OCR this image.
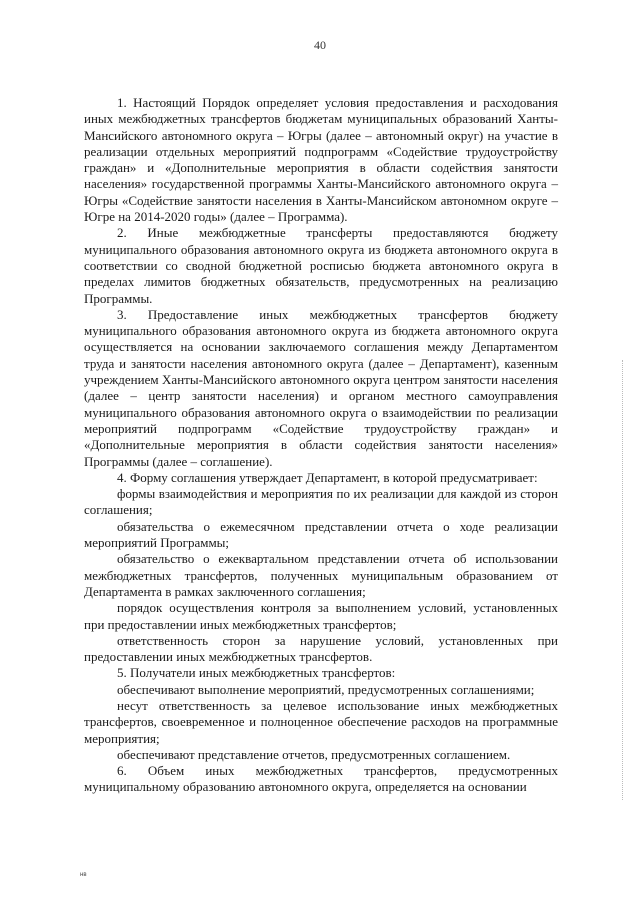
40

1. Настоящий Порядок определяет условия предоставления и расходования иных межбюджетных трансфертов бюджетам муниципальных образований Ханты-Мансийского автономного округа – Югры (далее – автономный округ) на участие в реализации отдельных мероприятий подпрограмм «Содействие трудоустройству граждан» и «Дополнительные мероприятия в области содействия занятости населения» государственной программы Ханты-Мансийского автономного округа – Югры «Содействие занятости населения в Ханты-Мансийском автономном округе – Югре на 2014-2020 годы» (далее – Программа).

2. Иные межбюджетные трансферты предоставляются бюджету муниципального образования автономного округа из бюджета автономного округа в соответствии со сводной бюджетной росписью бюджета автономного округа в пределах лимитов бюджетных обязательств, предусмотренных на реализацию Программы.

3. Предоставление иных межбюджетных трансфертов бюджету муниципального образования автономного округа из бюджета автономного округа осуществляется на основании заключаемого соглашения между Департаментом труда и занятости населения автономного округа (далее – Департамент), казенным учреждением Ханты-Мансийского автономного округа центром занятости населения (далее – центр занятости населения) и органом местного самоуправления муниципального образования автономного округа о взаимодействии по реализации мероприятий подпрограмм «Содействие трудоустройству граждан» и «Дополнительные мероприятия в области содействия занятости населения» Программы (далее – соглашение).

4. Форму соглашения утверждает Департамент, в которой предусматривает:

формы взаимодействия и мероприятия по их реализации для каждой из сторон соглашения;

обязательства о ежемесячном представлении отчета о ходе реализации мероприятий Программы;

обязательство о ежеквартальном представлении отчета об использовании межбюджетных трансфертов, полученных муниципальным образованием от Департамента в рамках заключенного соглашения;

порядок осуществления контроля за выполнением условий, установленных при предоставлении иных межбюджетных трансфертов;

ответственность сторон за нарушение условий, установленных при предоставлении иных межбюджетных трансфертов.

5. Получатели иных межбюджетных трансфертов:

обеспечивают выполнение мероприятий, предусмотренных соглашениями;

несут ответственность за целевое использование иных межбюджетных трансфертов, своевременное и полноценное обеспечение расходов на программные мероприятия;

обеспечивают представление отчетов, предусмотренных соглашением.

6. Объем иных межбюджетных трансфертов, предусмотренных муниципальному образованию автономного округа, определяется на основании

нв
